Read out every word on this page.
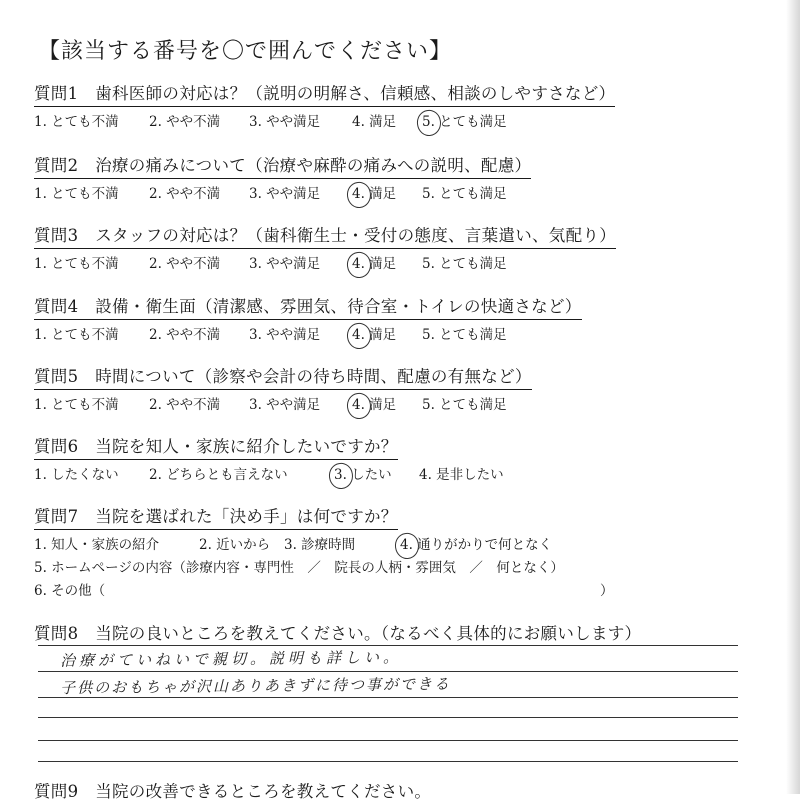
【該当する番号を〇で囲んでください】
質問1　歯科医師の対応は？（説明の明解さ、信頼感、相談のしやすさなど）
1. とても不満 2. やや不満 3. やや満足 4. 満足 5. とても満足
質問2　治療の痛みについて（治療や麻酔の痛みへの説明、配慮）
1. とても不満 2. やや不満 3. やや満足 4. 満足 5. とても満足
質問3　スタッフの対応は？（歯科衛生士・受付の態度、言葉遣い、気配り）
1. とても不満 2. やや不満 3. やや満足 4. 満足 5. とても満足
質問4　設備・衛生面（清潔感、雰囲気、待合室・トイレの快適さなど）
1. とても不満 2. やや不満 3. やや満足 4. 満足 5. とても満足
質問5　時間について（診察や会計の待ち時間、配慮の有無など）
1. とても不満 2. やや不満 3. やや満足 4. 満足 5. とても満足
質問6　当院を知人・家族に紹介したいですか？
1. したくない 2. どちらとも言えない	3. したい 4. 是非したい
質問7　当院を選ばれた「決め手」は何ですか？
1. 知人・家族の紹介	2. 近いから 3. 診療時間	4. 通りがかりで何となく
5. ホームページの内容（診療内容・専門性　／　院長の人柄・雰囲気　／　何となく）
6. その他（	）
質問8　当院の良いところを教えてください。（なるべく具体的にお願いします）
治療がていねいで親切。説明も詳しい。
子供のおもちゃが沢山ありあきずに待つ事ができる
質問9　当院の改善できるところを教えてください。
